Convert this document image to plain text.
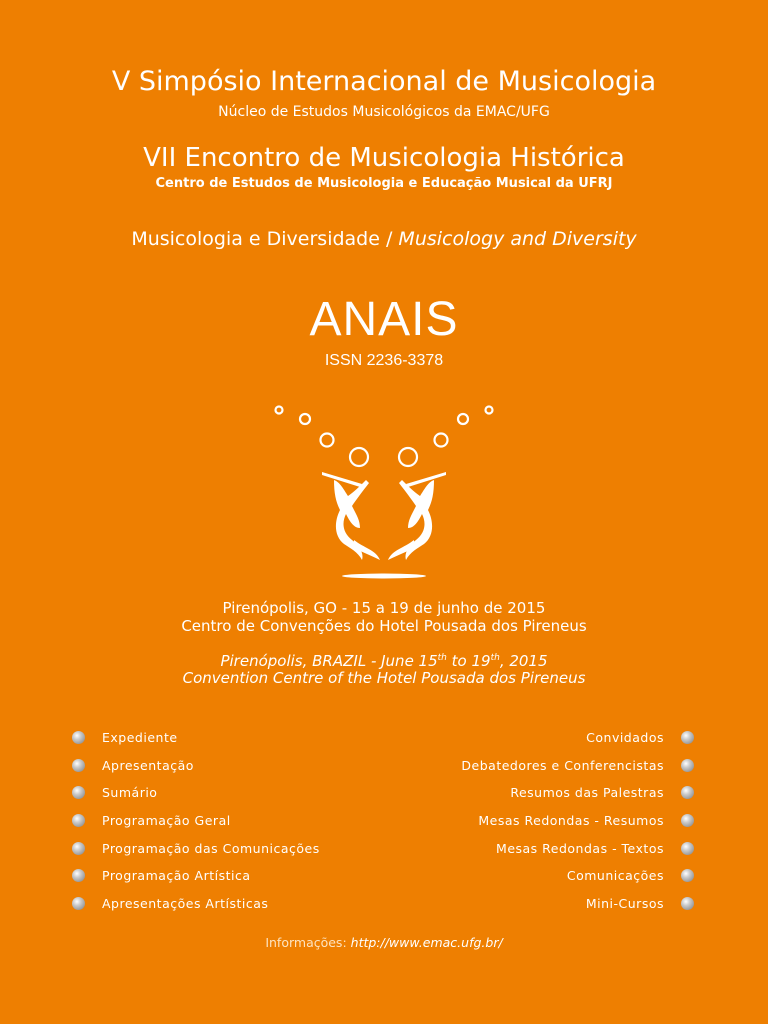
V Simpósio Internacional de Musicologia
Núcleo de Estudos Musicológicos da EMAC/UFG
VII Encontro de Musicologia Histórica
Centro de Estudos de Musicologia e Educação Musical da UFRJ
Musicologia e Diversidade / Musicology and Diversity
ANAIS
ISSN 2236-3378
Pirenópolis, GO - 15 a 19 de junho de 2015
Centro de Convenções do Hotel Pousada dos Pireneus
Pirenópolis, BRAZIL - June 15th to 19th, 2015
Convention Centre of the Hotel Pousada dos Pireneus
Expediente
Apresentação
Sumário
Programação Geral
Programação das Comunicações
Programação Artística
Apresentações Artísticas
Convidados
Debatedores e Conferencistas
Resumos das Palestras
Mesas Redondas - Resumos
Mesas Redondas - Textos
Comunicações
Mini-Cursos
Informações: http://www.emac.ufg.br/
